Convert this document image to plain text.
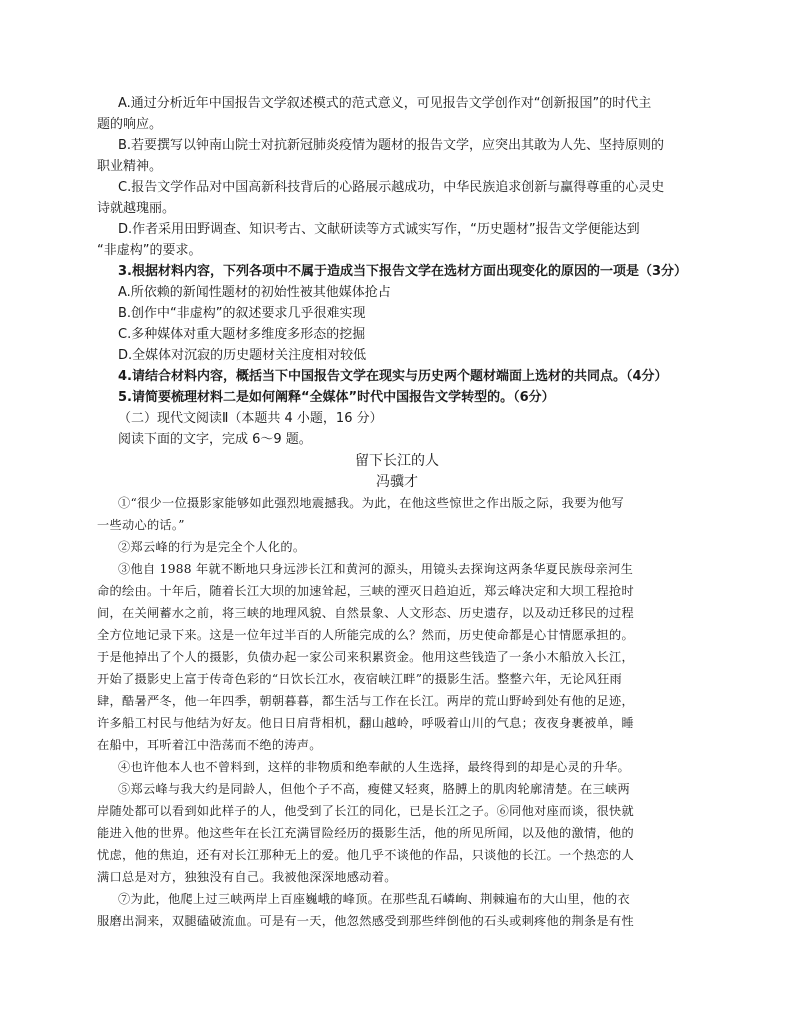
A.通过分析近年中国报告文学叙述模式的范式意义，可见报告文学创作对“创新报国”的时代主
题的响应。
B.若要撰写以钟南山院士对抗新冠肺炎疫情为题材的报告文学，应突出其敢为人先、坚持原则的
职业精神。
C.报告文学作品对中国高新科技背后的心路展示越成功，中华民族追求创新与赢得尊重的心灵史
诗就越瑰丽。
D.作者采用田野调查、知识考古、文献研读等方式诚实写作，“历史题材”报告文学便能达到
“非虚构”的要求。
3.根据材料内容，下列各项中不属于造成当下报告文学在选材方面出现变化的原因的一项是（3分）
A.所依赖的新闻性题材的初始性被其他媒体抢占
B.创作中“非虚构”的叙述要求几乎很难实现
C.多种媒体对重大题材多维度多形态的挖掘
D.全媒体对沉寂的历史题材关注度相对较低
4.请结合材料内容，概括当下中国报告文学在现实与历史两个题材端面上选材的共同点。（4分）
5.请简要梳理材料二是如何阐释“全媒体”时代中国报告文学转型的。（6分）
（二）现代文阅读Ⅱ（本题共 4 小题，16 分）
阅读下面的文字，完成 6～9 题。
留下长江的人
冯骥才
①“很少一位摄影家能够如此强烈地震撼我。为此，在他这些惊世之作出版之际，我要为他写
一些动心的话。”
②郑云峰的行为是完全个人化的。
③他自 1988 年就不断地只身远涉长江和黄河的源头，用镜头去探询这两条华夏民族母亲河生
命的绘由。十年后，随着长江大坝的加速耸起，三峡的湮灭日趋迫近，郑云峰决定和大坝工程抢时
间，在关闸蓄水之前，将三峡的地理风貌、自然景象、人文形态、历史遗存，以及动迁移民的过程
全方位地记录下来。这是一位年过半百的人所能完成的么？然而，历史使命都是心甘情愿承担的。
于是他掉出了个人的摄影，负债办起一家公司来积累资金。他用这些钱造了一条小木船放入长江，
开始了摄影史上富于传奇色彩的“日饮长江水，夜宿峡江畔”的摄影生活。整整六年，无论风狂雨
肆，酷暑严冬，他一年四季，朝朝暮暮，都生活与工作在长江。两岸的荒山野岭到处有他的足迹，
许多船工村民与他结为好友。他日日肩背相机，翻山越岭，呼吸着山川的气息；夜夜身裹被单，睡
在船中，耳听着江中浩荡而不绝的涛声。
④也许他本人也不曾料到，这样的非物质和绝奉献的人生选择，最终得到的却是心灵的升华。
⑤郑云峰与我大约是同龄人，但他个子不高，瘦健又轻爽，胳膊上的肌肉轮廓清楚。在三峡两
岸随处都可以看到如此样子的人，他受到了长江的同化，已是长江之子。⑥同他对座而谈，很快就
能进入他的世界。他这些年在长江充满冒险经历的摄影生活，他的所见所闻，以及他的激情，他的
忧虑，他的焦迫，还有对长江那种无上的爱。他几乎不谈他的作品，只谈他的长江。一个热恋的人
满口总是对方，独独没有自己。我被他深深地感动着。
⑦为此，他爬上过三峡两岸上百座巍峨的峰顶。在那些乱石嶙峋、荆棘遍布的大山里，他的衣
服磨出洞来，双腿磕破流血。可是有一天，他忽然感受到那些绊倒他的石头或刺疼他的荆条是有性
